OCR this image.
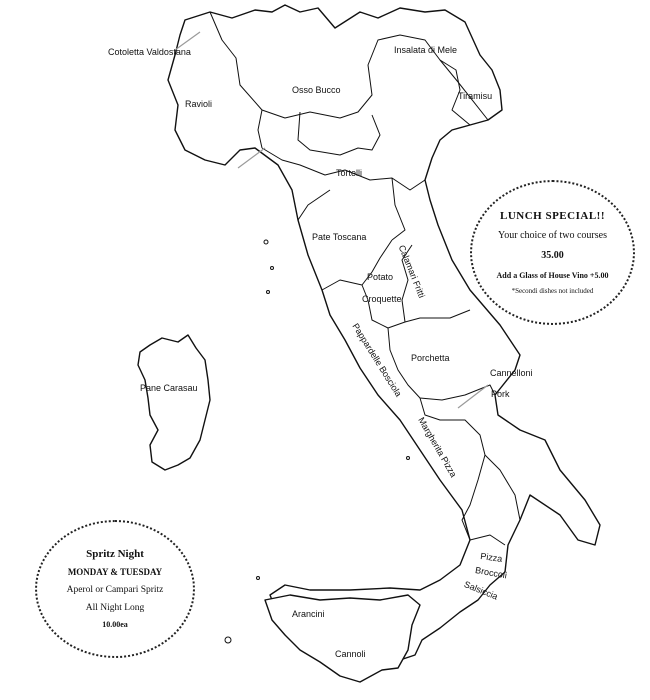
Cotoletta Valdostana
Ravioli
Osso Bucco
Insalata di Mele
Tiramisu
Tortelli
Pate Toscana
Calamari Fritti
Potato
Croquette
Pappardelle Bosciola Porchetta
Cannelloni
Pork
Margherita Pizza
Pane Carasau
Pizza
Broccoli
Salsiccia
Arancini
Cannoli
LUNCH SPECIAL!!
Your choice of two courses
35.00
Add a Glass of House Vino +5.00
*Secondi dishes not included
Spritz Night
MONDAY & TUESDAY
Aperol or Campari Spritz
All Night Long
10.00ea
